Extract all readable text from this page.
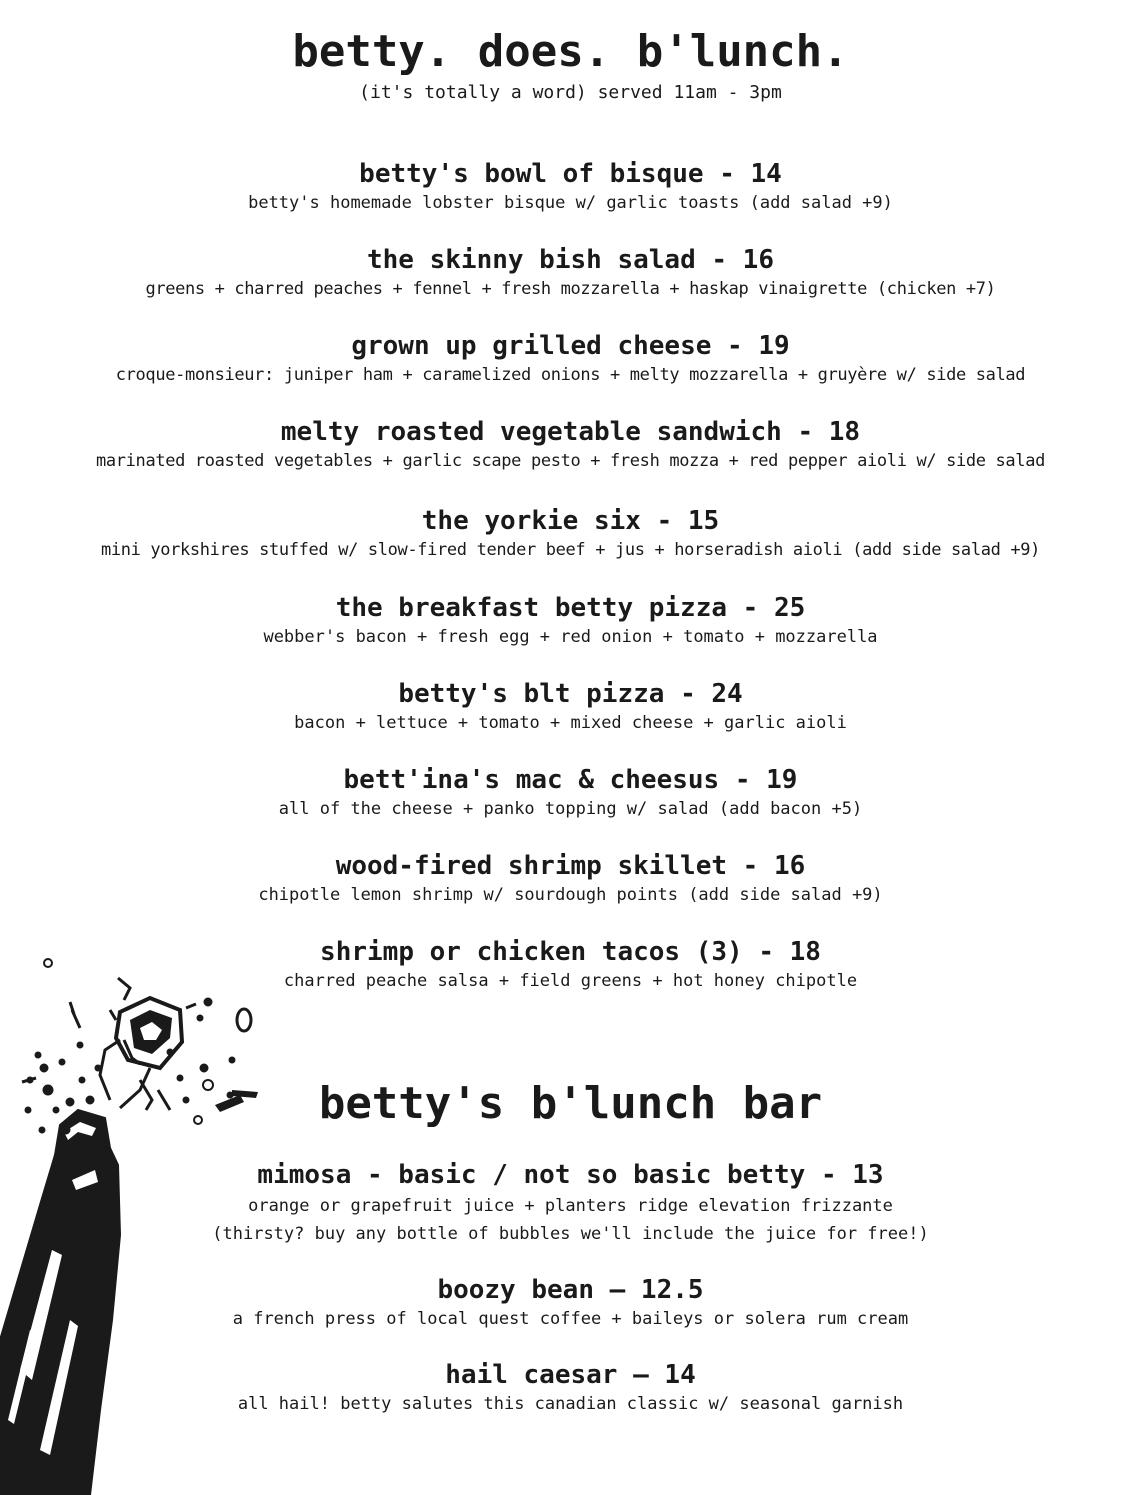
betty. does. b'lunch.

(it's totally a word) served 11am - 3pm

betty's bowl of bisque - 14

betty's homemade lobster bisque w/ garlic toasts (add salad +9)

the skinny bish salad - 16

greens + charred peaches + fennel + fresh mozzarella + haskap vinaigrette (chicken +7)

grown up grilled cheese - 19

croque-monsieur: juniper ham + caramelized onions + melty mozzarella + gruyère w/ side salad

melty roasted vegetable sandwich - 18

marinated roasted vegetables + garlic scape pesto + fresh mozza + red pepper aioli w/ side salad

the yorkie six - 15

mini yorkshires stuffed w/ slow-fired tender beef + jus + horseradish aioli (add side salad +9)

the breakfast betty pizza - 25

webber's bacon + fresh egg + red onion + tomato + mozzarella

betty's blt pizza - 24

bacon + lettuce + tomato + mixed cheese + garlic aioli

bett'ina's mac & cheesus - 19

all of the cheese + panko topping w/ salad (add bacon +5)

wood-fired shrimp skillet - 16

chipotle lemon shrimp w/ sourdough points (add side salad +9)

shrimp or chicken tacos (3) - 18

charred peache salsa + field greens + hot honey chipotle

betty's b'lunch bar

mimosa - basic / not so basic betty - 13

orange or grapefruit juice + planters ridge elevation frizzante

(thirsty? buy any bottle of bubbles we'll include the juice for free!)

boozy bean — 12.5

a french press of local quest coffee + baileys or solera rum cream

hail caesar — 14

all hail! betty salutes this canadian classic w/ seasonal garnish
